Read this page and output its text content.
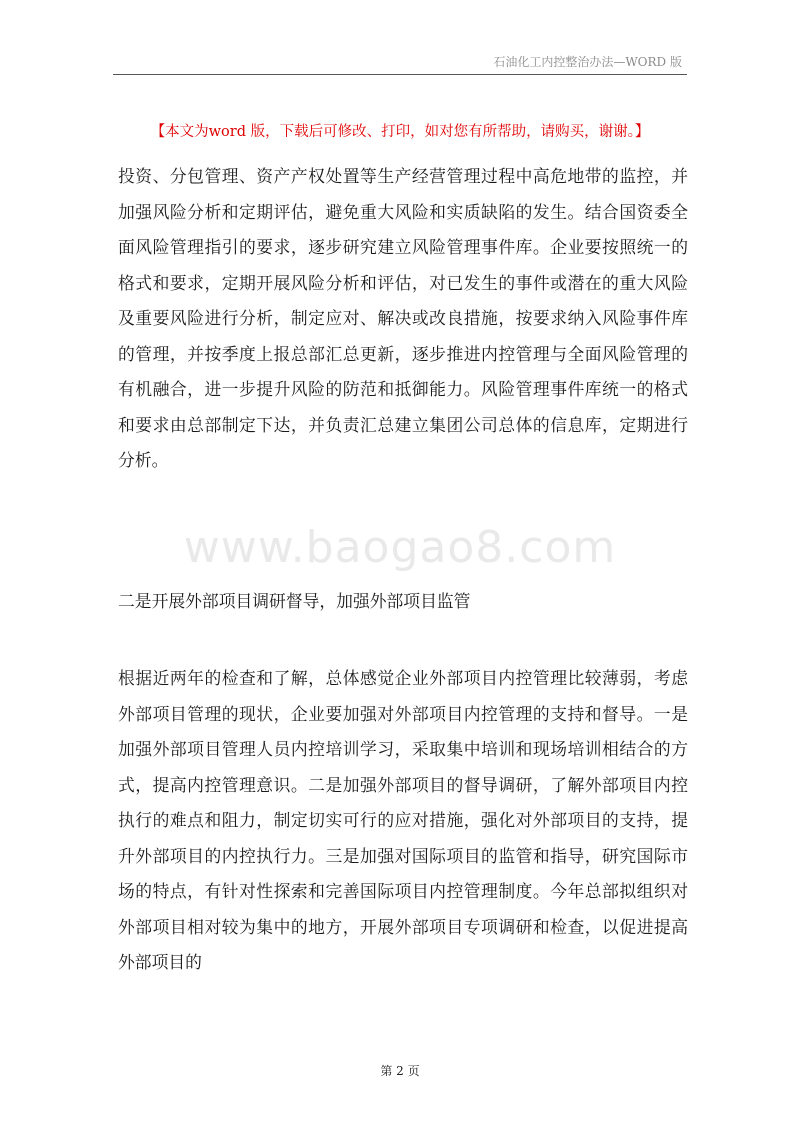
石油化工内控整治办法—WORD 版
【本文为word 版，下载后可修改、打印，如对您有所帮助，请购买，谢谢。】
www.baogao8.com

投资、分包管理、资产产权处置等生产经营管理过程中高危地带的监控，并加强风险分析和定期评估，避免重大风险和实质缺陷的发生。结合国资委全面风险管理指引的要求，逐步研究建立风险管理事件库。企业要按照统一的格式和要求，定期开展风险分析和评估，对已发生的事件或潜在的重大风险及重要风险进行分析，制定应对、解决或改良措施，按要求纳入风险事件库的管理，并按季度上报总部汇总更新，逐步推进内控管理与全面风险管理的有机融合，进一步提升风险的防范和抵御能力。风险管理事件库统一的格式和要求由总部制定下达，并负责汇总建立集团公司总体的信息库，定期进行分析。

二是开展外部项目调研督导，加强外部项目监管

根据近两年的检查和了解，总体感觉企业外部项目内控管理比较薄弱，考虑外部项目管理的现状，企业要加强对外部项目内控管理的支持和督导。一是加强外部项目管理人员内控培训学习，采取集中培训和现场培训相结合的方式，提高内控管理意识。二是加强外部项目的督导调研，了解外部项目内控执行的难点和阻力，制定切实可行的应对措施，强化对外部项目的支持，提升外部项目的内控执行力。三是加强对国际项目的监管和指导，研究国际市场的特点，有针对性探索和完善国际项目内控管理制度。今年总部拟组织对外部项目相对较为集中的地方，开展外部项目专项调研和检查，以促进提高外部项目的

第 2 页
